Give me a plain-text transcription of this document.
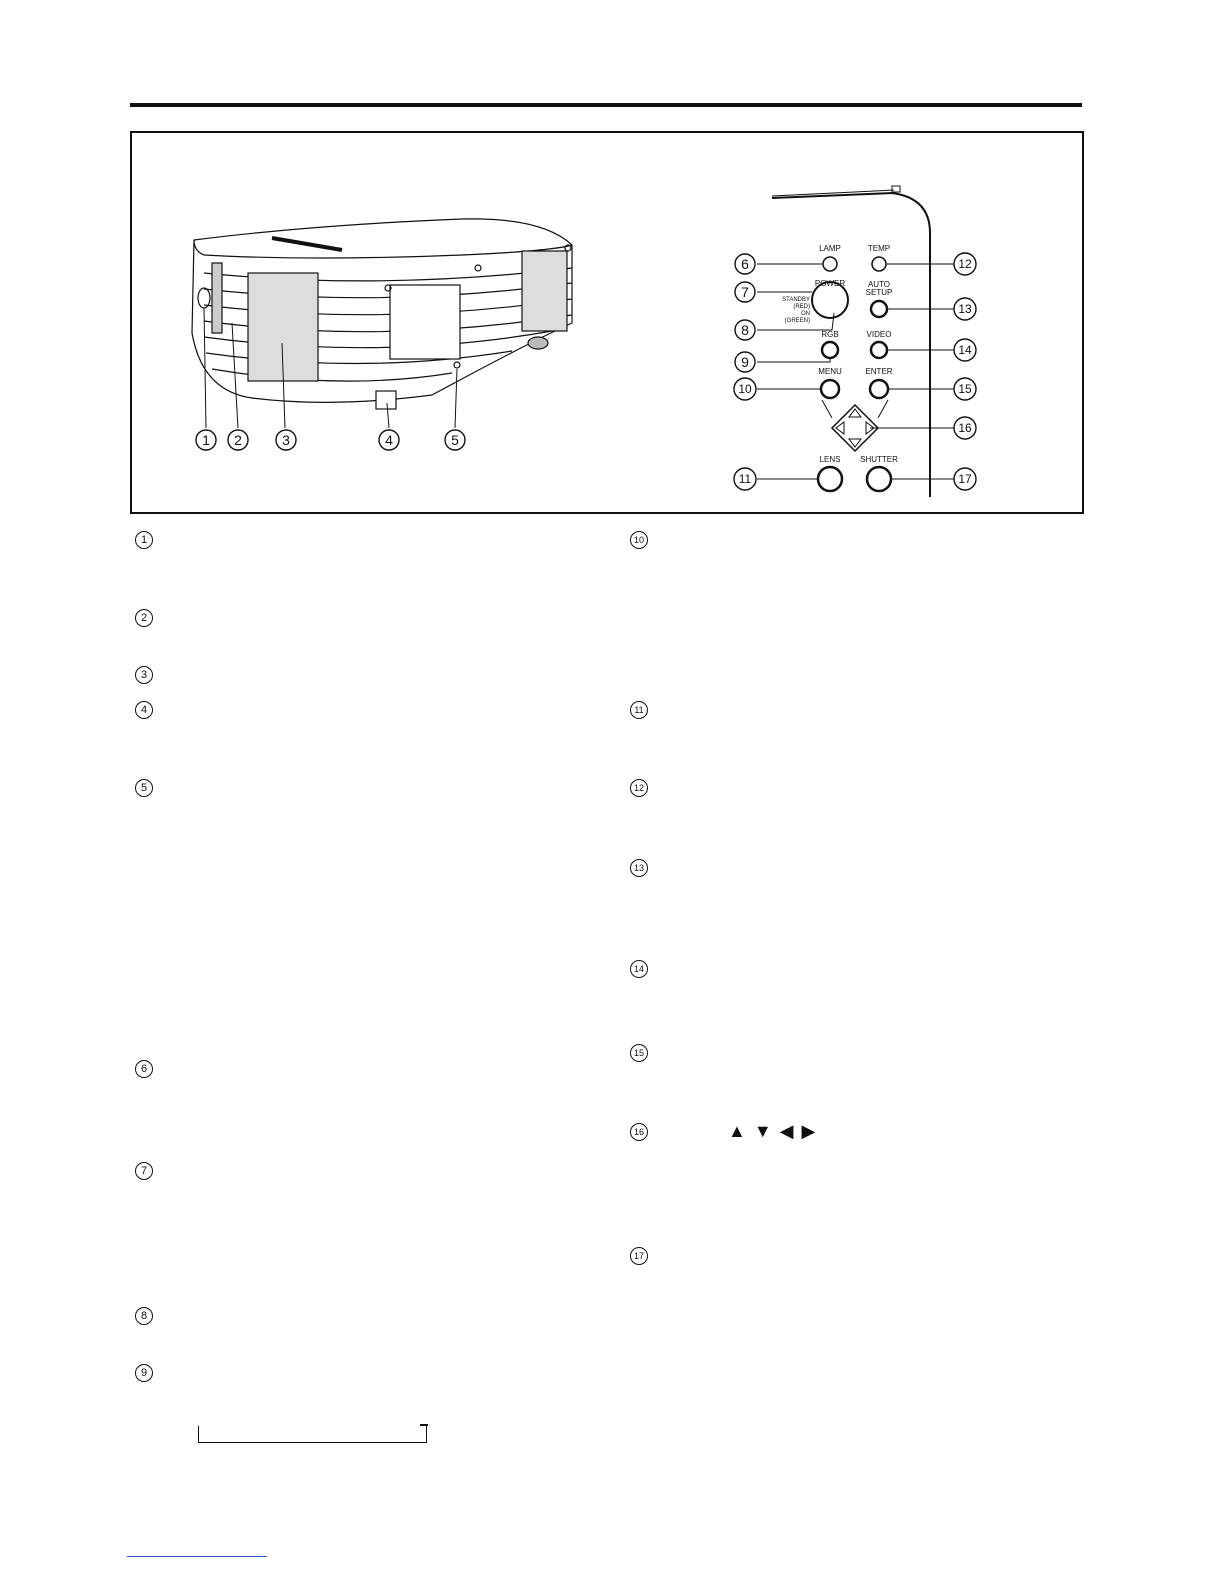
1 2	3	4	5
LAMP	TEMP
POWER
STANDBY
(RED)
ON
(GREEN)
AUTO
SETUP
RGB	VIDEO
MENU	ENTER
LENS SHUTTER
6
7
8
9
10
11
12
13
14
15
16
17
1
2
3
4
5
6
7
8
9
10
11
12
13
14
15
16
17
▲▼◀▶
